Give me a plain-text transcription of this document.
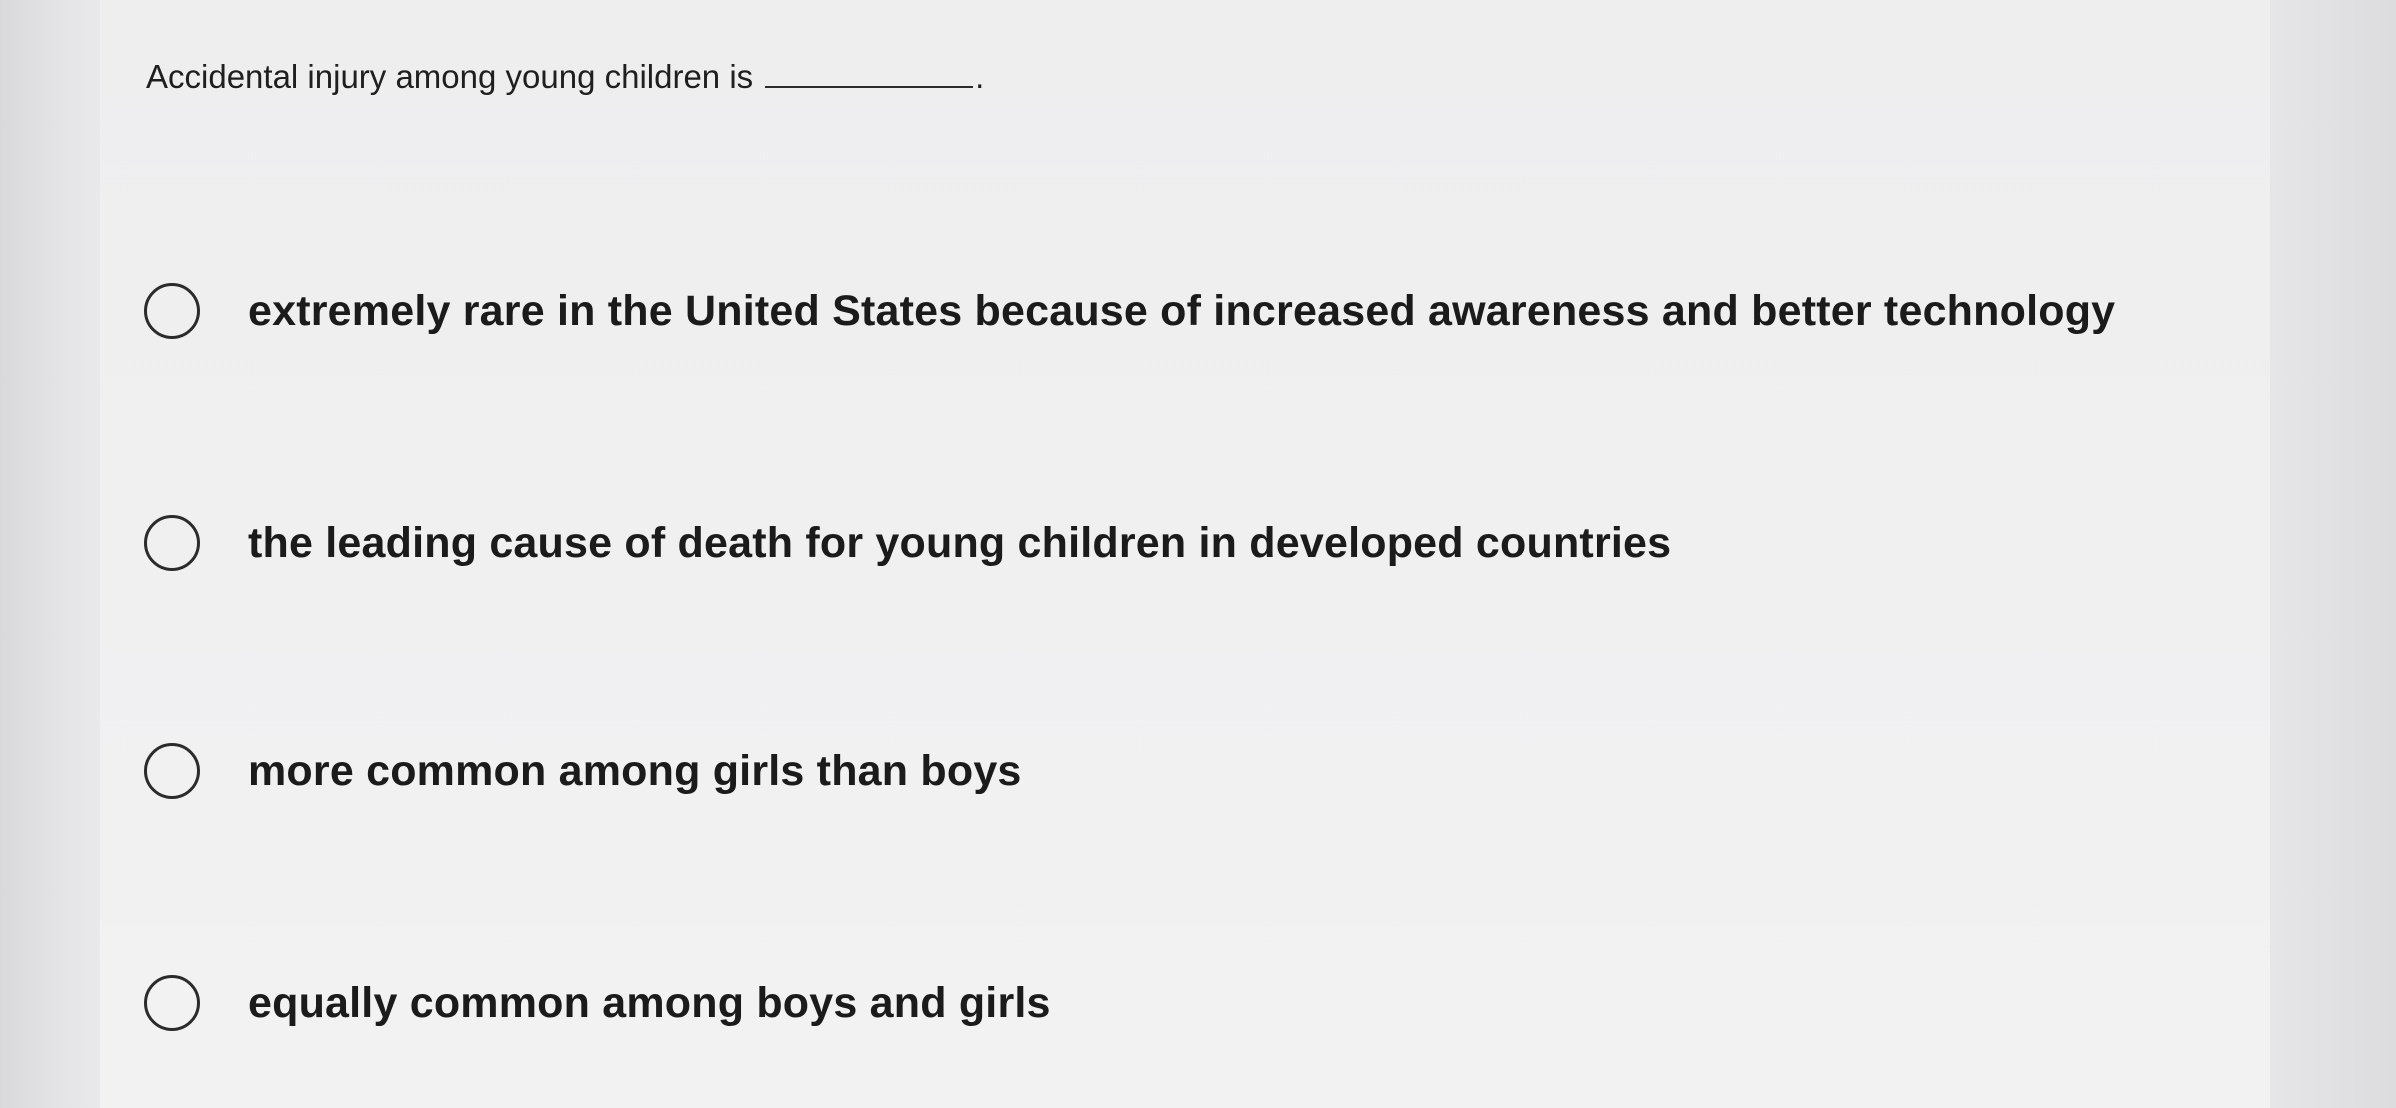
Accidental injury among young children is	.
extremely rare in the United States because of increased awareness and better technology
the leading cause of death for young children in developed countries
more common among girls than boys
equally common among boys and girls
